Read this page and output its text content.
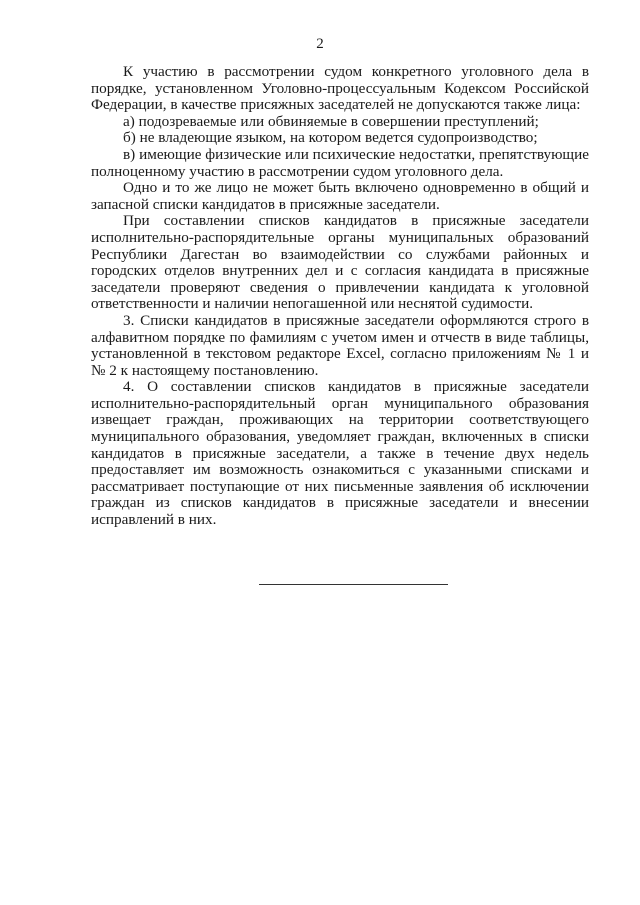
2

К участию в рассмотрении судом конкретного уголовного дела в порядке, установленном Уголовно-процессуальным Кодексом Российской Федерации, в качестве присяжных заседателей не допускаются также лица:

а) подозреваемые или обвиняемые в совершении преступлений;

б) не владеющие языком, на котором ведется судопроизводство;

в) имеющие физические или психические недостатки, препятствующие полноценному участию в рассмотрении судом уголовного дела.

Одно и то же лицо не может быть включено одновременно в общий и запасной списки кандидатов в присяжные заседатели.

При составлении списков кандидатов в присяжные заседатели исполнительно-распорядительные органы муниципальных образований Республики Дагестан во взаимодействии со службами районных и городских отделов внутренних дел и с согласия кандидата в присяжные заседатели проверяют сведения о привлечении кандидата к уголовной ответственности и наличии непогашенной или неснятой судимости.

3. Списки кандидатов в присяжные заседатели оформляются строго в алфавитном порядке по фамилиям с учетом имен и отчеств в виде таблицы, установленной в текстовом редакторе Excel, согласно приложениям № 1 и № 2 к настоящему постановлению.

4. О составлении списков кандидатов в присяжные заседатели исполнительно-распорядительный орган муниципального образования извещает граждан, проживающих на территории соответствующего муниципального образования, уведомляет граждан, включенных в списки кандидатов в присяжные заседатели, а также в течение двух недель предоставляет им возможность ознакомиться с указанными списками и рассматривает поступающие от них письменные заявления об исключении граждан из списков кандидатов в присяжные заседатели и внесении исправлений в них.
